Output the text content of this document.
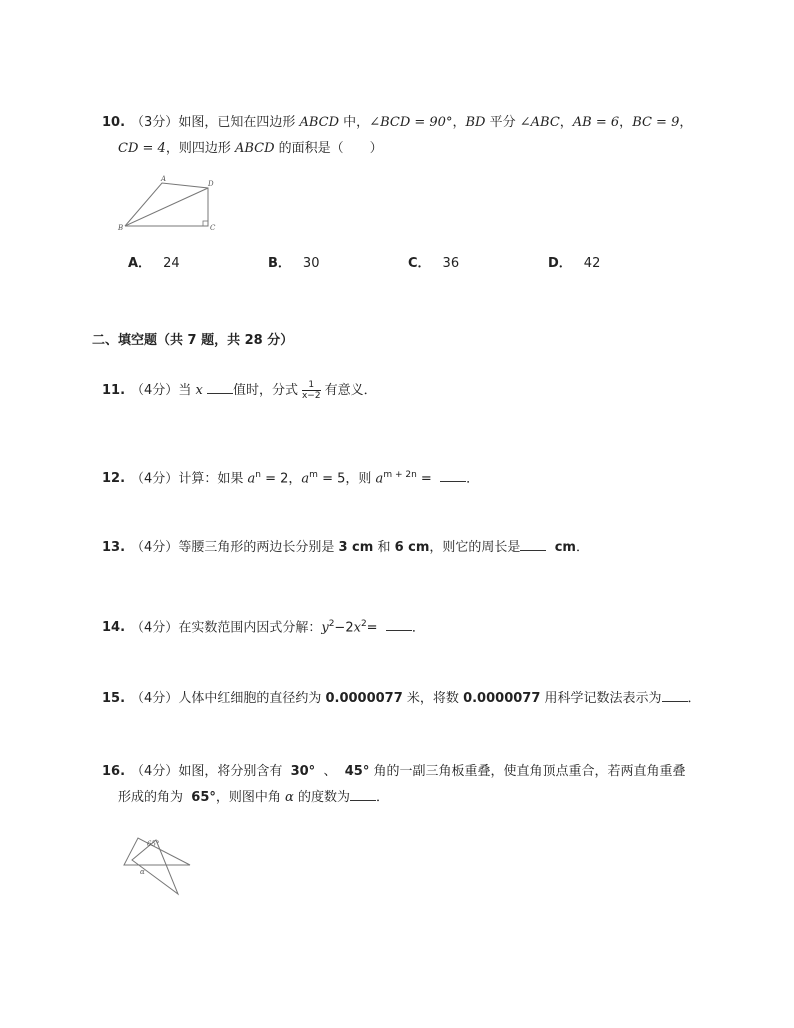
10. （3分）如图，已知在四边形 ABCD 中，∠BCD = 90°，BD 平分 ∠ABC，AB = 6，BC = 9，
CD = 4，则四边形 ABCD 的面积是（　　）
A
D
B	C
A． 24	B． 30	C． 36	D． 42
二、填空题（共 7 题，共 28 分）
11. （4分）当 x 值时，分式 $\frac{1}{x-2}$ 有意义．
12. （4分）计算：如果 $a^n = 2$，$a^m = 5$，则 $a^{m + 2n}$ =	．
13. （4分）等腰三角形的两边长分别是 3 cm 和 6 cm，则它的周长是	cm．
14. （4分）在实数范围内因式分解：$y^2-2x^2=$	．
15. （4分）人体中红细胞的直径约为 0.0000077 米，将数 0.0000077 用科学记数法表示为 ．
16. （4分）如图，将分别含有 30° 、 45° 角的一副三角板重叠，使直角顶点重合，若两直角重叠
形成的角为 65°，则图中角 α 的度数为 ．
65°
α
